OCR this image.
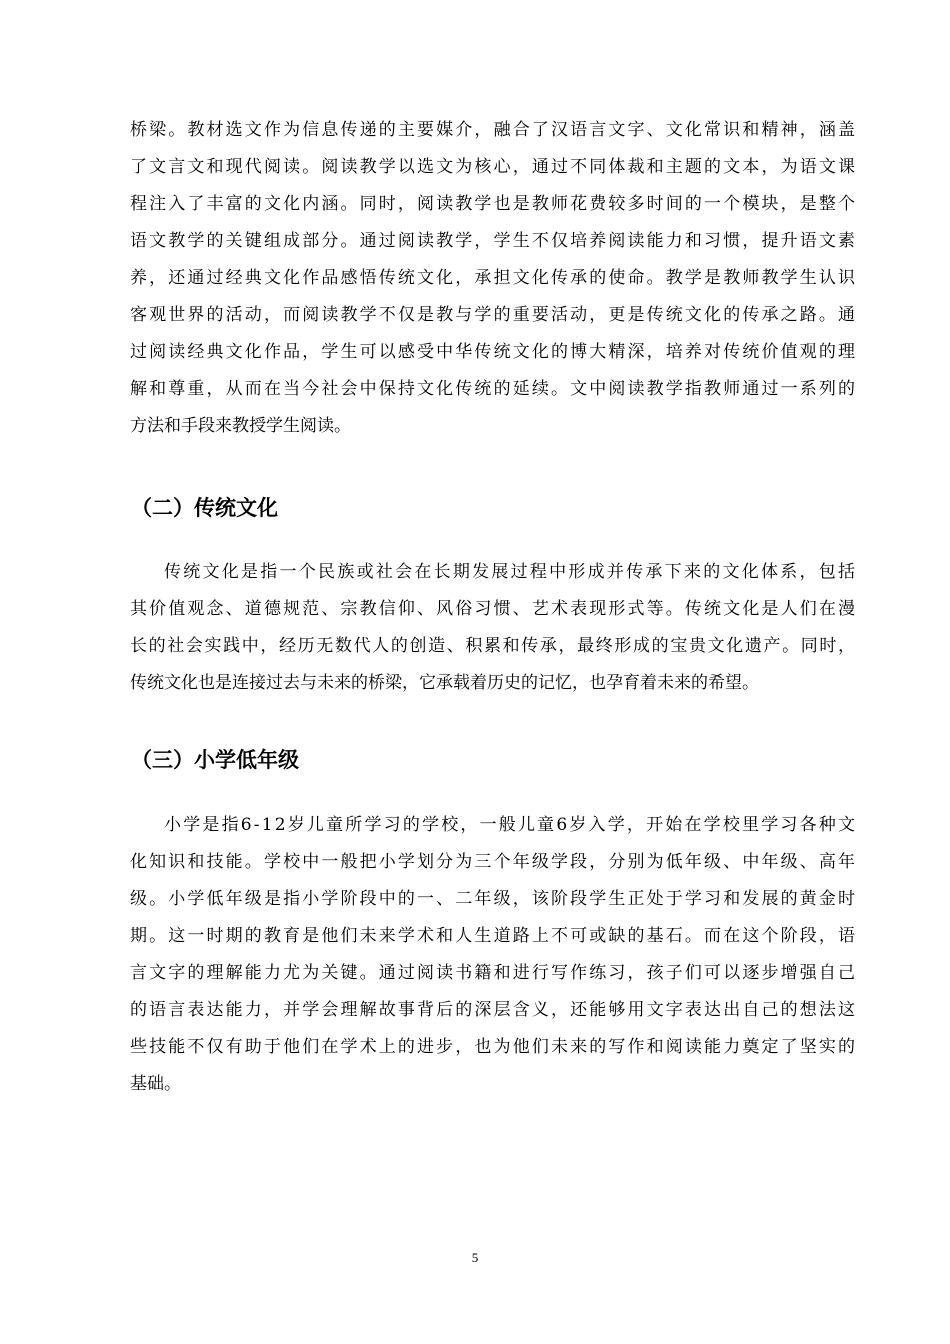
桥梁。教材选文作为信息传递的主要媒介，融合了汉语言文字、文化常识和精神，涵盖
了文言文和现代阅读。阅读教学以选文为核心，通过不同体裁和主题的文本，为语文课
程注入了丰富的文化内涵。同时，阅读教学也是教师花费较多时间的一个模块，是整个
语文教学的关键组成部分。通过阅读教学，学生不仅培养阅读能力和习惯，提升语文素
养，还通过经典文化作品感悟传统文化，承担文化传承的使命。教学是教师教学生认识
客观世界的活动，而阅读教学不仅是教与学的重要活动，更是传统文化的传承之路。通
过阅读经典文化作品，学生可以感受中华传统文化的博大精深，培养对传统价值观的理
解和尊重，从而在当今社会中保持文化传统的延续。文中阅读教学指教师通过一系列的
方法和手段来教授学生阅读。
（二）传统文化
传统文化是指一个民族或社会在长期发展过程中形成并传承下来的文化体系，包括
其价值观念、道德规范、宗教信仰、风俗习惯、艺术表现形式等。传统文化是人们在漫
长的社会实践中，经历无数代人的创造、积累和传承，最终形成的宝贵文化遗产。同时，
传统文化也是连接过去与未来的桥梁，它承载着历史的记忆，也孕育着未来的希望。
（三）小学低年级
小学是指6-12岁儿童所学习的学校，一般儿童6岁入学，开始在学校里学习各种文
化知识和技能。学校中一般把小学划分为三个年级学段，分别为低年级、中年级、高年
级。小学低年级是指小学阶段中的一、二年级，该阶段学生正处于学习和发展的黄金时
期。这一时期的教育是他们未来学术和人生道路上不可或缺的基石。而在这个阶段，语
言文字的理解能力尤为关键。通过阅读书籍和进行写作练习，孩子们可以逐步增强自己
的语言表达能力，并学会理解故事背后的深层含义，还能够用文字表达出自己的想法这
些技能不仅有助于他们在学术上的进步，也为他们未来的写作和阅读能力奠定了坚实的
基础。
5
